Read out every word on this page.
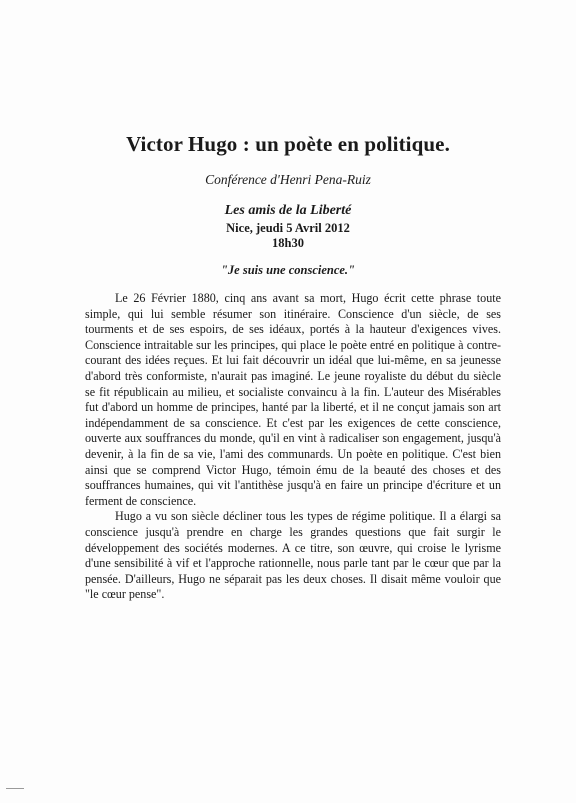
Victor Hugo : un poète en politique.
Conférence d'Henri Pena-Ruiz
Les amis de la Liberté
Nice, jeudi 5 Avril 2012
18h30
"Je suis une conscience."

Le 26 Février 1880, cinq ans avant sa mort, Hugo écrit cette phrase toute simple, qui lui semble résumer son itinéraire. Conscience d'un siècle, de ses tourments et de ses espoirs, de ses idéaux, portés à la hauteur d'exigences vives. Conscience intraitable sur les principes, qui place le poète entré en politique à contre-courant des idées reçues. Et lui fait découvrir un idéal que lui-même, en sa jeunesse d'abord très conformiste, n'aurait pas imaginé. Le jeune royaliste du début du siècle se fit républicain au milieu, et socialiste convaincu à la fin. L'auteur des Misérables fut d'abord un homme de principes, hanté par la liberté, et il ne conçut jamais son art indépendamment de sa conscience. Et c'est par les exigences de cette conscience, ouverte aux souffrances du monde, qu'il en vint à radicaliser son engagement, jusqu'à devenir, à la fin de sa vie, l'ami des communards. Un poète en politique. C'est bien ainsi que se comprend Victor Hugo, témoin ému de la beauté des choses et des souffrances humaines, qui vit l'antithèse jusqu'à en faire un principe d'écriture et un ferment de conscience.

Hugo a vu son siècle décliner tous les types de régime politique. Il a élargi sa conscience jusqu'à prendre en charge les grandes questions que fait surgir le développement des sociétés modernes. A ce titre, son œuvre, qui croise le lyrisme d'une sensibilité à vif et l'approche rationnelle, nous parle tant par le cœur que par la pensée. D'ailleurs, Hugo ne séparait pas les deux choses. Il disait même vouloir que "le cœur pense".
